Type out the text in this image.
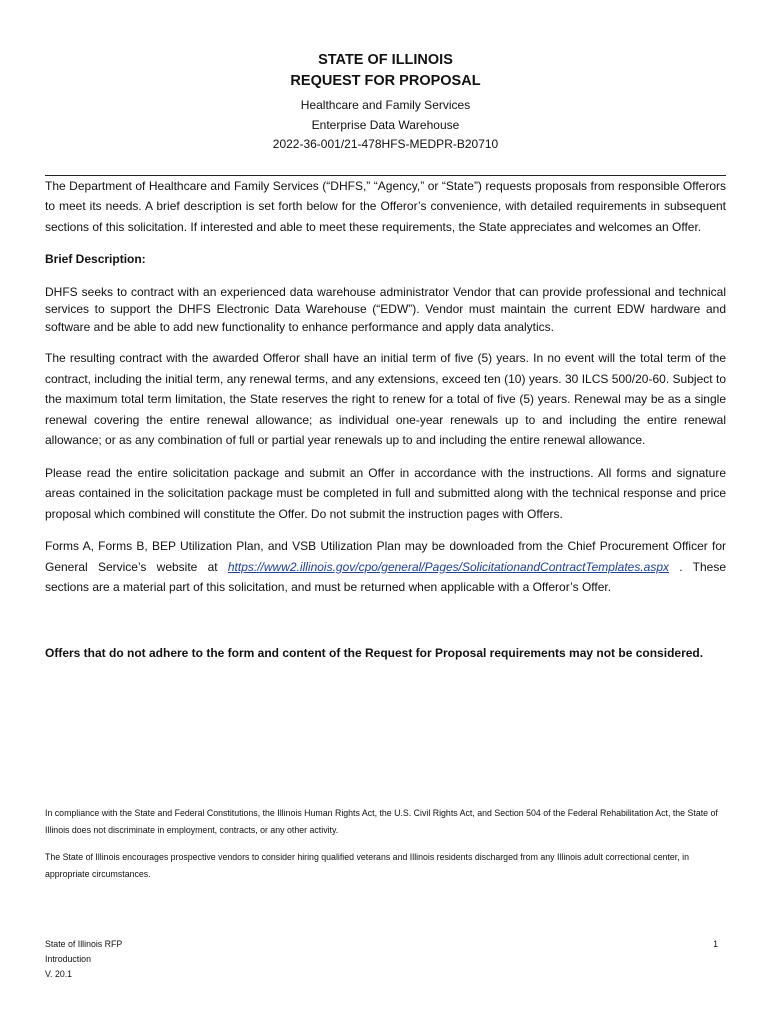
STATE OF ILLINOIS
REQUEST FOR PROPOSAL
Healthcare and Family Services
Enterprise Data Warehouse
2022-36-001/21-478HFS-MEDPR-B20710

The Department of Healthcare and Family Services (“DHFS,” “Agency,” or “State”) requests proposals from responsible Offerors to meet its needs. A brief description is set forth below for the Offeror’s convenience, with detailed requirements in subsequent sections of this solicitation. If interested and able to meet these requirements, the State appreciates and welcomes an Offer.

Brief Description:

DHFS seeks to contract with an experienced data warehouse administrator Vendor that can provide professional and technical services to support the DHFS Electronic Data Warehouse (“EDW”). Vendor must maintain the current EDW hardware and software and be able to add new functionality to enhance performance and apply data analytics.

The resulting contract with the awarded Offeror shall have an initial term of five (5) years. In no event will the total term of the contract, including the initial term, any renewal terms, and any extensions, exceed ten (10) years. 30 ILCS 500/20-60. Subject to the maximum total term limitation, the State reserves the right to renew for a total of five (5) years. Renewal may be as a single renewal covering the entire renewal allowance; as individual one-year renewals up to and including the entire renewal allowance; or as any combination of full or partial year renewals up to and including the entire renewal allowance.

Please read the entire solicitation package and submit an Offer in accordance with the instructions. All forms and signature areas contained in the solicitation package must be completed in full and submitted along with the technical response and price proposal which combined will constitute the Offer. Do not submit the instruction pages with Offers.

Forms A, Forms B, BEP Utilization Plan, and VSB Utilization Plan may be downloaded from the Chief Procurement Officer for General Service’s website at https://www2.illinois.gov/cpo/general/Pages/SolicitationandContractTemplates.aspx . These sections are a material part of this solicitation, and must be returned when applicable with a Offeror’s Offer.

Offers that do not adhere to the form and content of the Request for Proposal requirements may not be considered.

In compliance with the State and Federal Constitutions, the Illinois Human Rights Act, the U.S. Civil Rights Act, and Section 504 of the Federal Rehabilitation Act, the State of Illinois does not discriminate in employment, contracts, or any other activity.

The State of Illinois encourages prospective vendors to consider hiring qualified veterans and Illinois residents discharged from any Illinois adult correctional center, in appropriate circumstances.

State of Illinois RFP
Introduction
V. 20.1
1
